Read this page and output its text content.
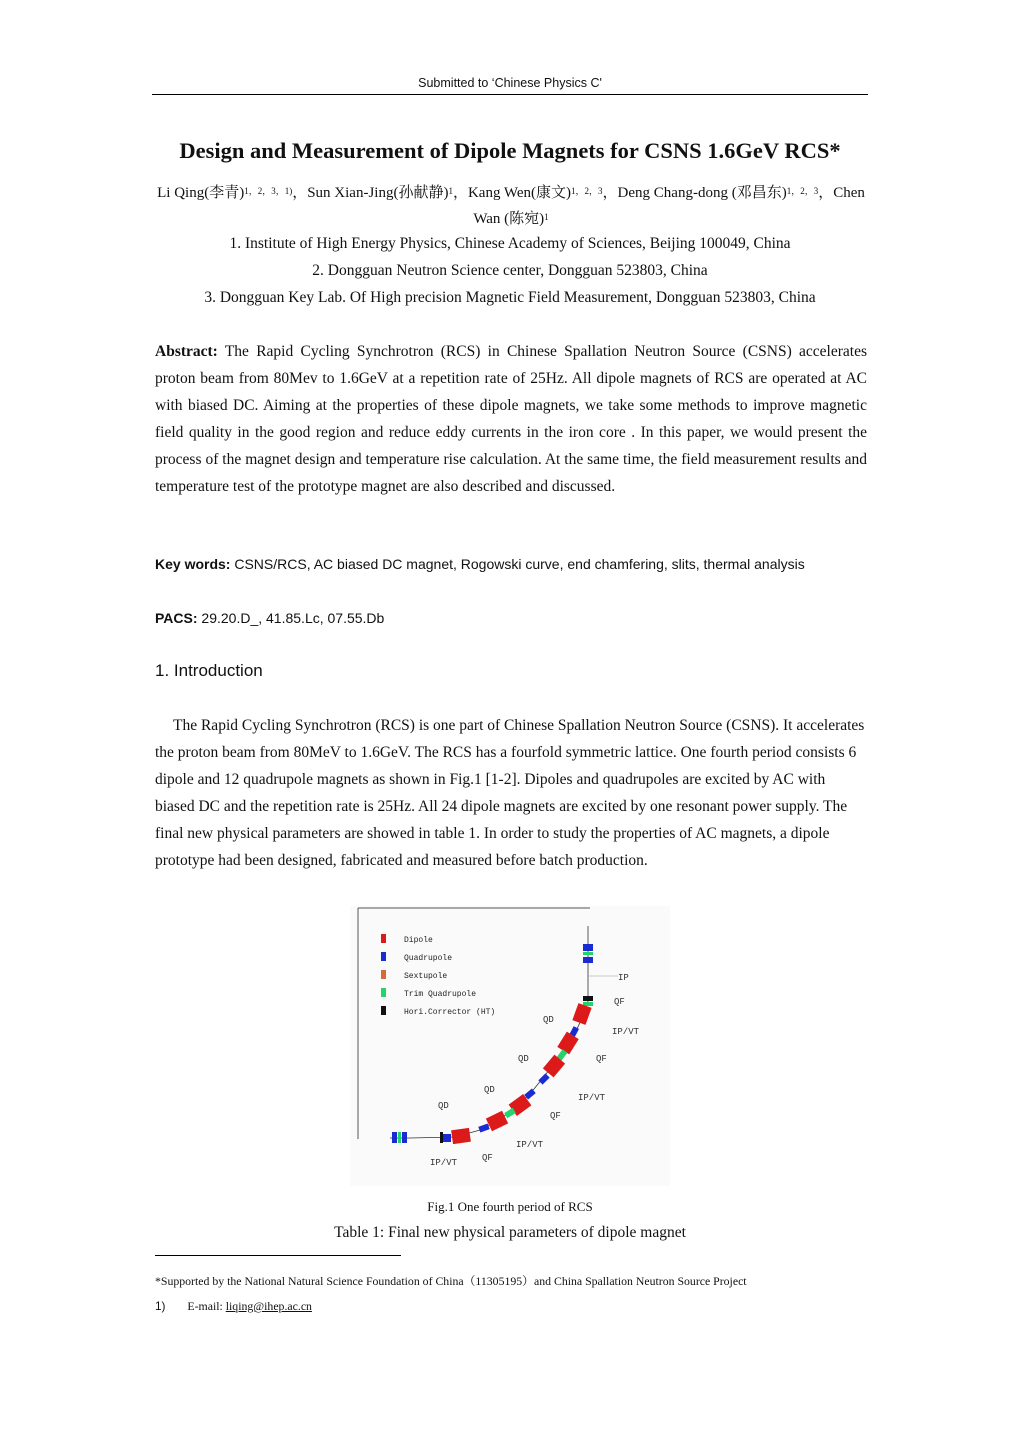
Submitted to ‘Chinese Physics C'
Design and Measurement of Dipole Magnets for CSNS 1.6GeV RCS*
Li Qing(李青)$^{1,2,3,1)}$，Sun Xian-Jing(孙献静)$^1$，Kang Wen(康文)$^{1,2,3}$，Deng Chang-dong (邓昌东)$^{1,2,3}$，Chen Wan (陈宛)$^1$
1. Institute of High Energy Physics, Chinese Academy of Sciences, Beijing 100049, China
2. Dongguan Neutron Science center, Dongguan 523803, China
3. Dongguan Key Lab. Of High precision Magnetic Field Measurement, Dongguan 523803, China
Abstract: The Rapid Cycling Synchrotron (RCS) in Chinese Spallation Neutron Source (CSNS) accelerates proton beam from 80Mev to 1.6GeV at a repetition rate of 25Hz. All dipole magnets of RCS are operated at AC with biased DC. Aiming at the properties of these dipole magnets, we take some methods to improve magnetic field quality in the good region and reduce eddy currents in the iron core . In this paper, we would present the process of the magnet design and temperature rise calculation. At the same time, the field measurement results and temperature test of the prototype magnet are also described and discussed.
Key words: CSNS/RCS, AC biased DC magnet, Rogowski curve, end chamfering, slits, thermal analysis
PACS: 29.20.D_, 41.85.Lc, 07.55.Db
1. Introduction
The Rapid Cycling Synchrotron (RCS) is one part of Chinese Spallation Neutron Source (CSNS). It accelerates the proton beam from 80MeV to 1.6GeV. The RCS has a fourfold symmetric lattice. One fourth period consists 6 dipole and 12 quadrupole magnets as shown in Fig.1 [1-2]. Dipoles and quadrupoles are excited by AC with biased DC and the repetition rate is 25Hz. All 24 dipole magnets are excited by one resonant power supply. The final new physical parameters are showed in table 1. In order to study the properties of AC magnets, a dipole prototype had been designed, fabricated and measured before batch production.
Dipole
Quadrupole
Sextupole
Trim Quadrupole
Hori.Corrector (HT)
IP
QF
QD
IP/VT
QD	QF
IP/VT
QD
QF
QD
IP/VT
QF
IP/VT
Fig.1 One fourth period of RCS
Table 1: Final new physical parameters of dipole magnet
*Supported by the National Natural Science Foundation of China（11305195）and China Spallation Neutron Source Project
1) E-mail: liqing@ihep.ac.cn
